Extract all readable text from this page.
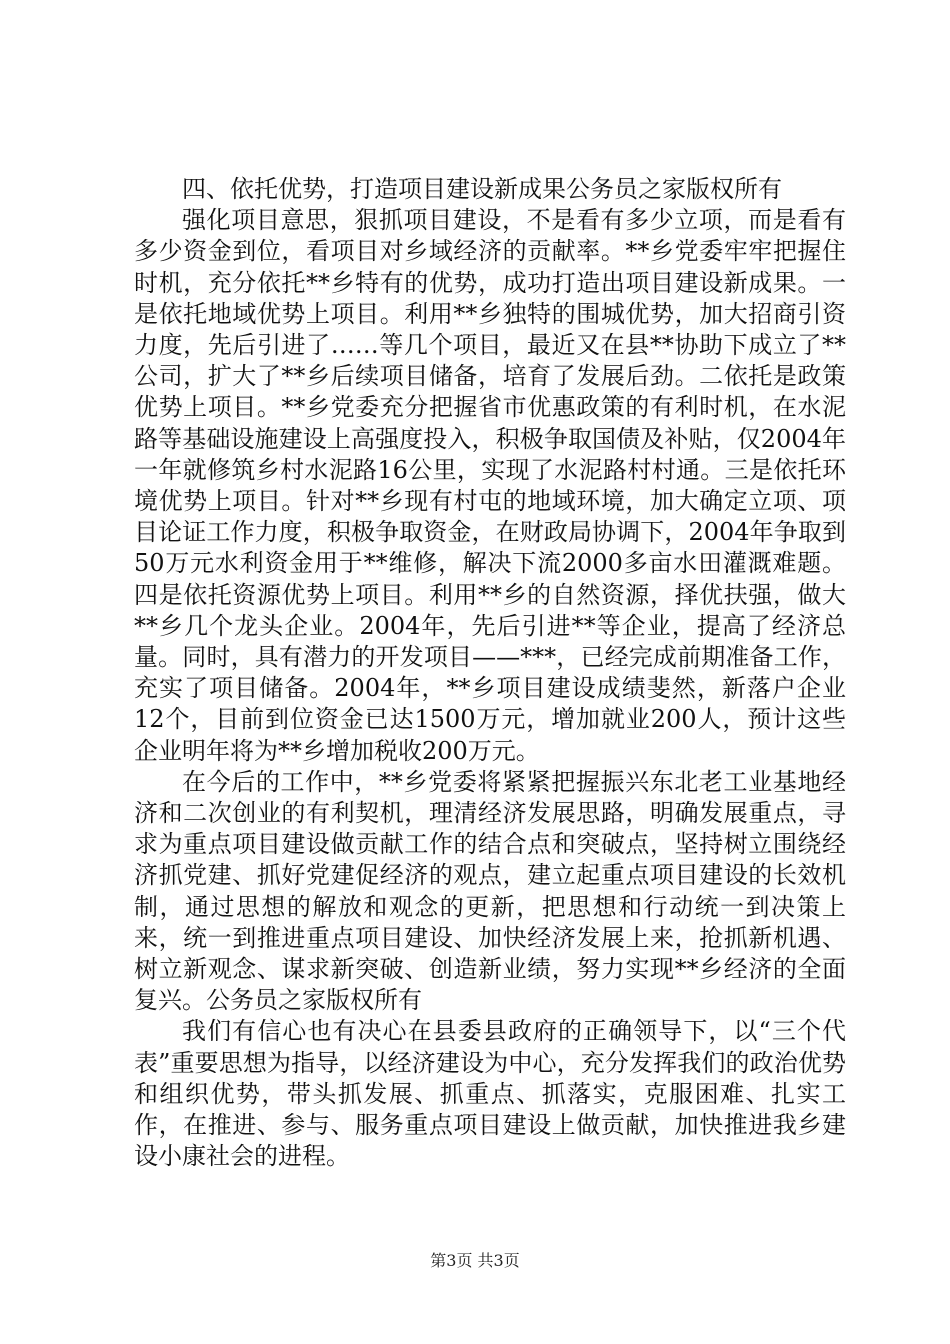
四、依托优势，打造项目建设新成果公务员之家版权所有

强化项目意思，狠抓项目建设，不是看有多少立项，而是看有多少资金到位，看项目对乡域经济的贡献率。**乡党委牢牢把握住时机，充分依托**乡特有的优势，成功打造出项目建设新成果。一是依托地域优势上项目。利用**乡独特的围城优势，加大招商引资力度，先后引进了……等几个项目，最近又在县**协助下成立了**公司，扩大了**乡后续项目储备，培育了发展后劲。二依托是政策优势上项目。**乡党委充分把握省市优惠政策的有利时机，在水泥路等基础设施建设上高强度投入，积极争取国债及补贴，仅2004年一年就修筑乡村水泥路16公里，实现了水泥路村村通。三是依托环境优势上项目。针对**乡现有村屯的地域环境，加大确定立项、项目论证工作力度，积极争取资金，在财政局协调下，2004年争取到50万元水利资金用于**维修，解决下流2000多亩水田灌溉难题。四是依托资源优势上项目。利用**乡的自然资源，择优扶强，做大**乡几个龙头企业。2004年，先后引进**等企业，提高了经济总量。同时，具有潜力的开发项目——***，已经完成前期准备工作，充实了项目储备。2004年，**乡项目建设成绩斐然，新落户企业12个，目前到位资金已达1500万元，增加就业200人，预计这些企业明年将为**乡增加税收200万元。

在今后的工作中，**乡党委将紧紧把握振兴东北老工业基地经济和二次创业的有利契机，理清经济发展思路，明确发展重点，寻求为重点项目建设做贡献工作的结合点和突破点，坚持树立围绕经济抓党建、抓好党建促经济的观点，建立起重点项目建设的长效机制，通过思想的解放和观念的更新，把思想和行动统一到决策上来，统一到推进重点项目建设、加快经济发展上来，抢抓新机遇、树立新观念、谋求新突破、创造新业绩，努力实现**乡经济的全面复兴。公务员之家版权所有

我们有信心也有决心在县委县政府的正确领导下，以“三个代表”重要思想为指导，以经济建设为中心，充分发挥我们的政治优势和组织优势，带头抓发展、抓重点、抓落实，克服困难、扎实工作，在推进、参与、服务重点项目建设上做贡献，加快推进我乡建设小康社会的进程。

第3页 共3页
